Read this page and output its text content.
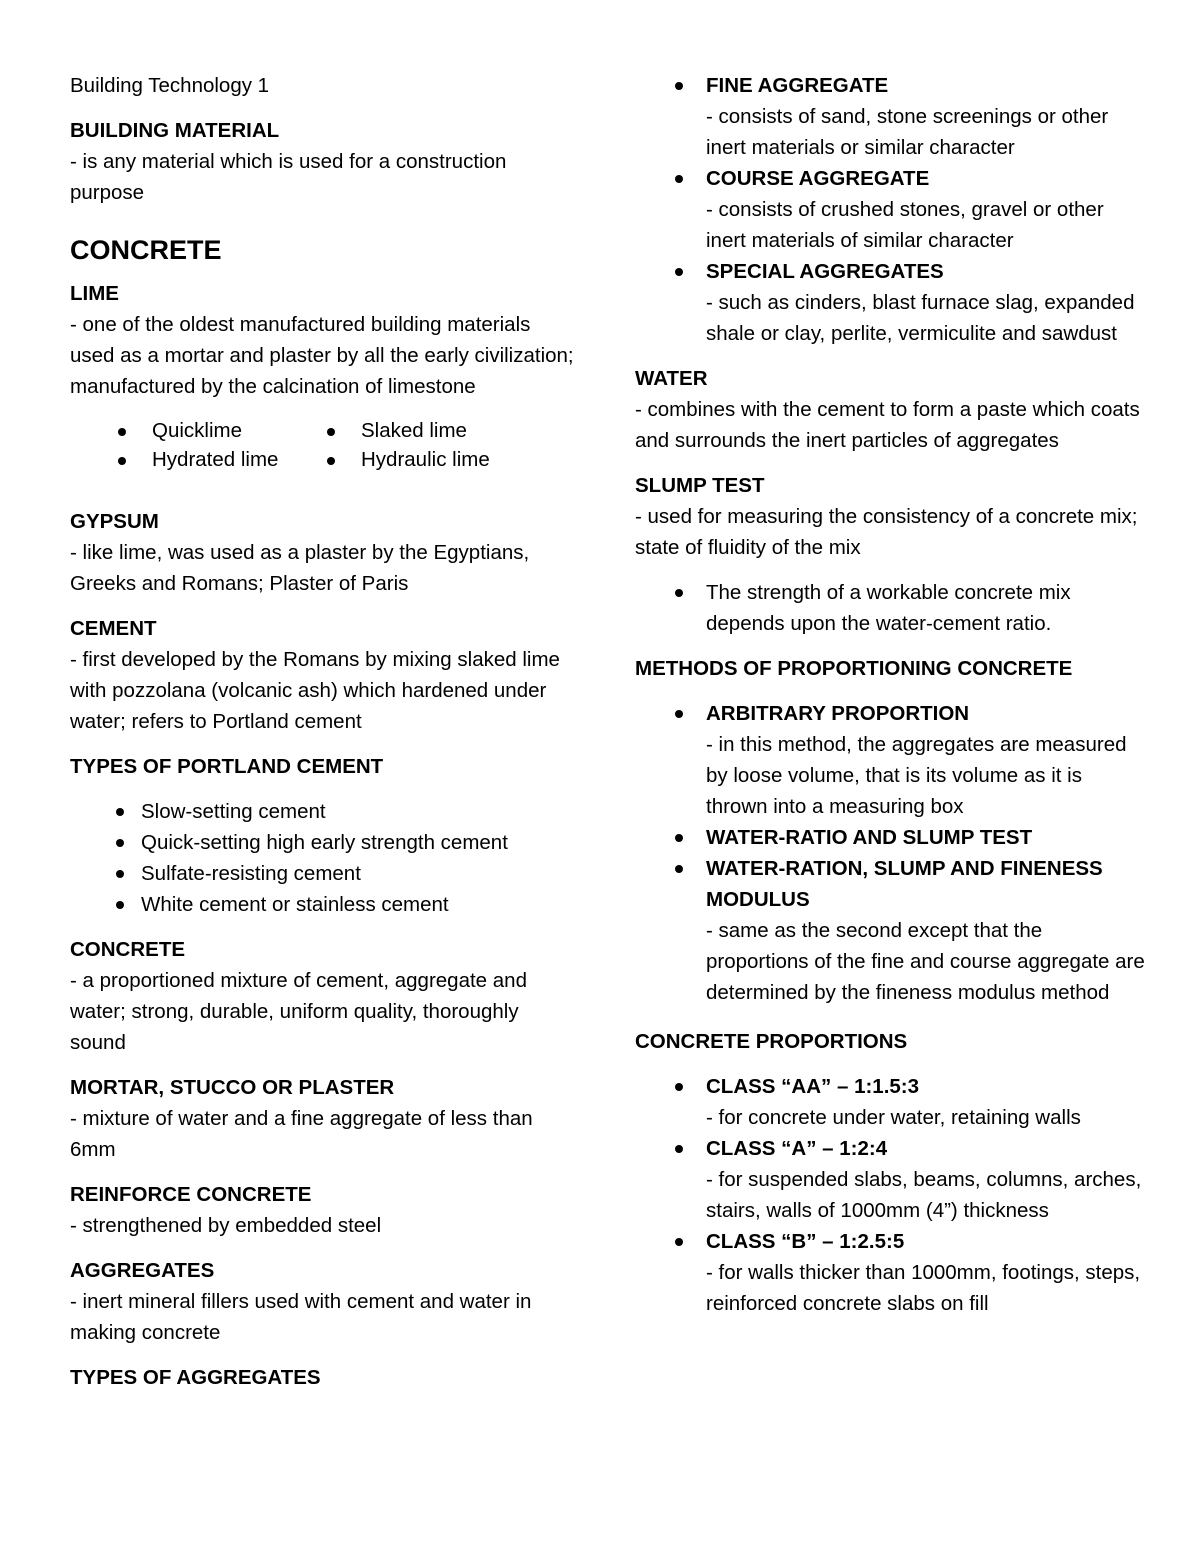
Building Technology 1

BUILDING MATERIAL

- is any material which is used for a construction purpose

CONCRETE

LIME

- one of the oldest manufactured building materials used as a mortar and plaster by all the early civilization; manufactured by the calcination of limestone

Quicklime	Slaked lime
Hydrated lime	Hydraulic lime

GYPSUM

- like lime, was used as a plaster by the Egyptians, Greeks and Romans; Plaster of Paris

CEMENT

- first developed by the Romans by mixing slaked lime with pozzolana (volcanic ash) which hardened under water; refers to Portland cement

TYPES OF PORTLAND CEMENT

Slow-setting cement
Quick-setting high early strength cement
Sulfate-resisting cement
White cement or stainless cement

CONCRETE

- a proportioned mixture of cement, aggregate and water; strong, durable, uniform quality, thoroughly sound

MORTAR, STUCCO OR PLASTER

- mixture of water and a fine aggregate of less than 6mm

REINFORCE CONCRETE

- strengthened by embedded steel

AGGREGATES

- inert mineral fillers used with cement and water in making concrete

TYPES OF AGGREGATES

FINE AGGREGATE
- consists of sand, stone screenings or other inert materials or similar character
COURSE AGGREGATE
- consists of crushed stones, gravel or other inert materials of similar character
SPECIAL AGGREGATES
- such as cinders, blast furnace slag, expanded shale or clay, perlite, vermiculite and sawdust

WATER

- combines with the cement to form a paste which coats and surrounds the inert particles of aggregates

SLUMP TEST

- used for measuring the consistency of a concrete mix; state of fluidity of the mix

The strength of a workable concrete mix depends upon the water-cement ratio.

METHODS OF PROPORTIONING CONCRETE

ARBITRARY PROPORTION
- in this method, the aggregates are measured by loose volume, that is its volume as it is thrown into a measuring box
WATER-RATIO AND SLUMP TEST
WATER-RATION, SLUMP AND FINENESS MODULUS
- same as the second except that the proportions of the fine and course aggregate are determined by the fineness modulus method

CONCRETE PROPORTIONS

CLASS “AA” – 1:1.5:3
- for concrete under water, retaining walls
CLASS “A” – 1:2:4
- for suspended slabs, beams, columns, arches, stairs, walls of 1000mm (4”) thickness
CLASS “B” – 1:2.5:5
- for walls thicker than 1000mm, footings, steps, reinforced concrete slabs on fill
